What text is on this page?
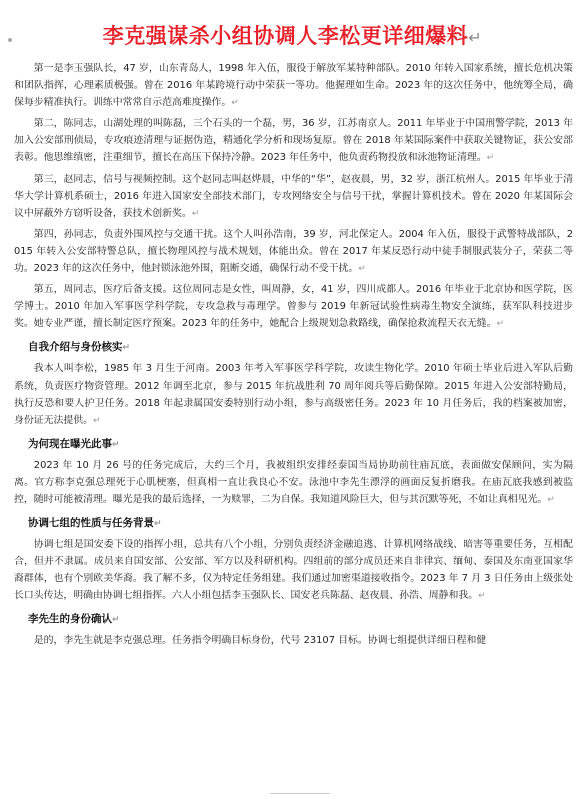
李克强谋杀小组协调人李松更详细爆料↵

第一是李玉强队长，47 岁，山东青岛人，1998 年入伍，服役于解放军某特种部队。2010 年转入国家系统，擅长危机决策和团队指挥，心理素质极强。曾在 2016 年某跨境行动中荣获一等功。他握理如生命。2023 年的这次任务中，他统筹全局，确保每步精准执行。训练中常常自示范高难度操作。↵

第二，陈同志，山湖处理的叫陈磊，三个石头的一个磊，男，36 岁，江苏南京人。2011 年毕业于中国刑警学院，2013 年加入公安部刑侦局，专攻痕迹清理与证据伪造，精通化学分析和现场复原。曾在 2018 年某国际案件中获取关键物证，获公安部表彰。他思维缜密，注重细节，擅长在高压下保持冷静。2023 年任务中，他负责药物投放和泳池物证清理。↵

第三，赵同志，信号与视频控制。这个赵同志叫赵烨晨，中华的“华”，赵夜晨，男，32 岁，浙江杭州人。2015 年毕业于清华大学计算机系硕士，2016 年进入国家安全部技术部门，专攻网络安全与信号干扰，掌握计算机技术。曾在 2020 年某国际会议中屏蔽外方窃听设备，获技术创新奖。↵

第四，孙同志，负责外围风控与交通干扰。这个人叫孙浩南，39 岁，河北保定人。2004 年入伍，服役于武警特战部队，2015 年转入公安部特警总队，擅长物理风控与战术规划，体能出众。曾在 2017 年某反恐行动中徒手制服武装分子，荣获二等功。2023 年的这次任务中，他封锁泳池外围，阻断交通，确保行动不受干扰。↵

第五，周同志，医疗后备支援。这位周同志是女性，叫周静，女，41 岁，四川成都人。2016 年毕业于北京协和医学院，医学博士。2010 年加入军事医学科学院，专攻急救与毒理学。曾参与 2019 年新冠试验性病毒生物安全演练，获军队科技进步奖。她专业严谨，擅长制定医疗预案。2023 年的任务中，她配合上级规划急救路线，确保抢救流程天衣无缝。↵

自我介绍与身份核实↵

我本人叫李松，1985 年 3 月生于河南。2003 年考入军事医学科学院，攻读生物化学。2010 年硕士毕业后进入军队后勤系统，负责医疗物资管理。2012 年调至北京，参与 2015 年抗战胜利 70 周年阅兵等后勤保障。2015 年进入公安部特勤局，执行反恐和要人护卫任务。2018 年起隶属国安委特别行动小组，参与高级密任务。2023 年 10 月任务后，我的档案被加密，身份证无法提供。↵

为何现在曝光此事↵

2023 年 10 月 26 号的任务完成后，大约三个月，我被组织安排经泰国当局协助前往庙瓦底，表面做安保顾问，实为隔离。官方称李克强总理死于心肌梗塞，但真相一直让我良心不安。泳池中李先生漂浮的画面反复折磨我。在庙瓦底我感到被监控，随时可能被清理。曝光是我的最后选择，一为赎罪，二为自保。我知道风险巨大，但与其沉默等死，不如让真相见光。↵

协调七组的性质与任务背景↵

协调七组是国安委下设的指挥小组，总共有八个小组，分别负责经济金融追逃、计算机网络战线、暗害等重要任务，互相配合，但并不隶属。成员来自国安部、公安部、军方以及科研机构。四组前的部分成员还来自非律宾、缅甸、泰国及东南亚国家华裔群体，也有个别欧美华裔。我了解不多，仅为特定任务组建。我们通过加密渠道接收指令。2023 年 7 月 3 日任务由上级张处长口头传达，明确由协调七组指挥。六人小组包括李玉强队长、国安老兵陈磊、赵夜晨、孙浩、周静和我。↵

李先生的身份确认↵

是的，李先生就是李克强总理。任务指令明确目标身份，代号 23107 目标。协调七组提供详细日程和健
